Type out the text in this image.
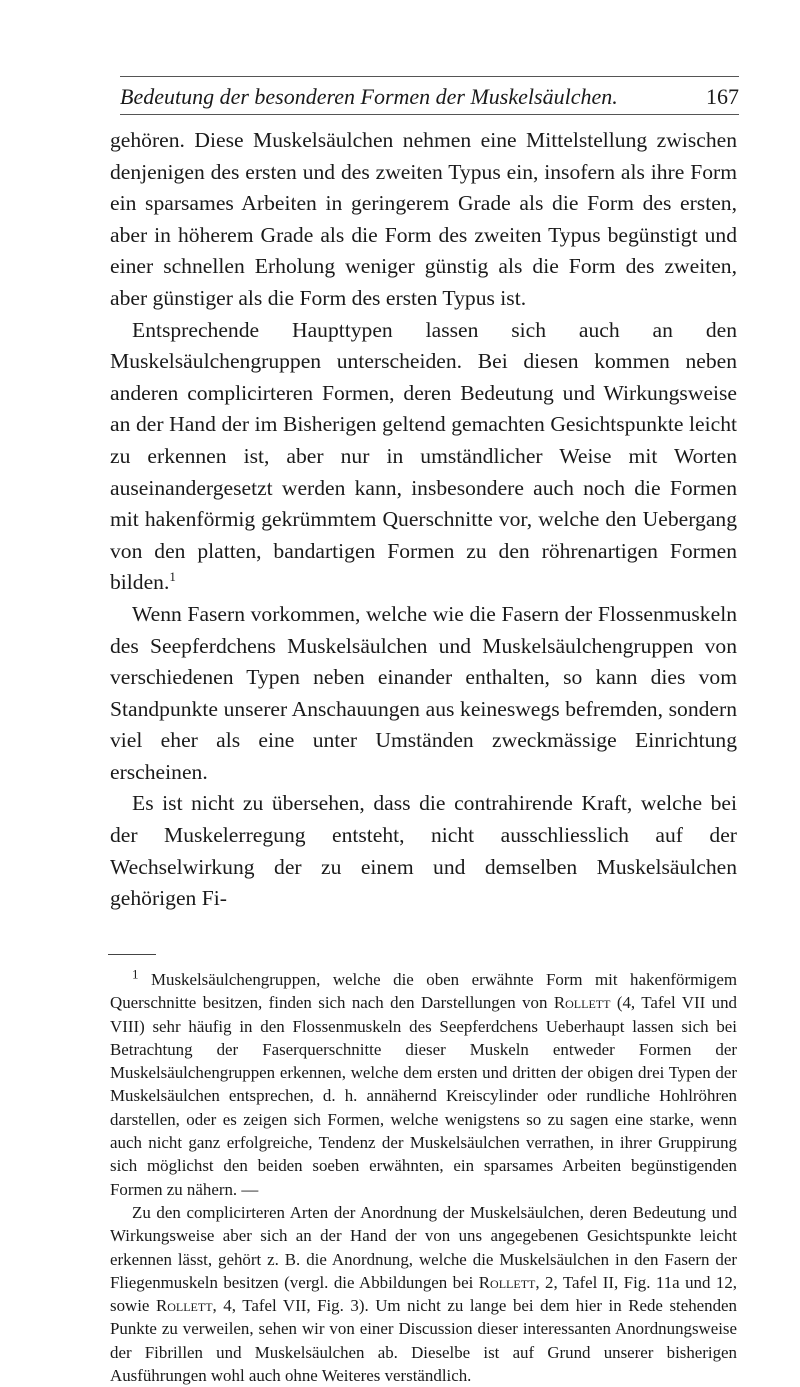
Bedeutung der besonderen Formen der Muskelsäulchen.	167

gehören. Diese Muskelsäulchen nehmen eine Mittelstellung zwischen denjenigen des ersten und des zweiten Typus ein, insofern als ihre Form ein sparsames Arbeiten in geringerem Grade als die Form des ersten, aber in höherem Grade als die Form des zweiten Typus begünstigt und einer schnellen Erholung weniger günstig als die Form des zweiten, aber günstiger als die Form des ersten Typus ist.

Entsprechende Haupttypen lassen sich auch an den Muskelsäulchengruppen unterscheiden. Bei diesen kommen neben anderen complicirteren Formen, deren Bedeutung und Wirkungsweise an der Hand der im Bisherigen geltend gemachten Gesichtspunkte leicht zu erkennen ist, aber nur in umständlicher Weise mit Worten auseinandergesetzt werden kann, insbesondere auch noch die Formen mit hakenförmig gekrümmtem Querschnitte vor, welche den Uebergang von den platten, bandartigen Formen zu den röhrenartigen Formen bilden.$^1$

Wenn Fasern vorkommen, welche wie die Fasern der Flossenmuskeln des Seepferdchens Muskelsäulchen und Muskelsäulchengruppen von verschiedenen Typen neben einander enthalten, so kann dies vom Standpunkte unserer Anschauungen aus keineswegs befremden, sondern viel eher als eine unter Umständen zweckmässige Einrichtung erscheinen.

Es ist nicht zu übersehen, dass die contrahirende Kraft, welche bei der Muskelerregung entsteht, nicht ausschliesslich auf der Wechselwirkung der zu einem und demselben Muskelsäulchen gehörigen Fi-

$^1$ Muskelsäulchengruppen, welche die oben erwähnte Form mit hakenförmigem Querschnitte besitzen, finden sich nach den Darstellungen von Rollett (4, Tafel VII und VIII) sehr häufig in den Flossenmuskeln des Seepferdchens Ueberhaupt lassen sich bei Betrachtung der Faserquerschnitte dieser Muskeln entweder Formen der Muskelsäulchengruppen erkennen, welche dem ersten und dritten der obigen drei Typen der Muskelsäulchen entsprechen, d. h. annähernd Kreiscylinder oder rundliche Hohlröhren darstellen, oder es zeigen sich Formen, welche wenigstens so zu sagen eine starke, wenn auch nicht ganz erfolgreiche, Tendenz der Muskelsäulchen verrathen, in ihrer Gruppirung sich möglichst den beiden soeben erwähnten, ein sparsames Arbeiten begünstigenden Formen zu nähern. —

Zu den complicirteren Arten der Anordnung der Muskelsäulchen, deren Bedeutung und Wirkungsweise aber sich an der Hand der von uns angegebenen Gesichtspunkte leicht erkennen lässt, gehört z. B. die Anordnung, welche die Muskelsäulchen in den Fasern der Fliegenmuskeln besitzen (vergl. die Abbildungen bei Rollett, 2, Tafel II, Fig. 11a und 12, sowie Rollett, 4, Tafel VII, Fig. 3). Um nicht zu lange bei dem hier in Rede stehenden Punkte zu verweilen, sehen wir von einer Discussion dieser interessanten Anordnungsweise der Fibrillen und Muskelsäulchen ab. Dieselbe ist auf Grund unserer bisherigen Ausführungen wohl auch ohne Weiteres verständlich.
